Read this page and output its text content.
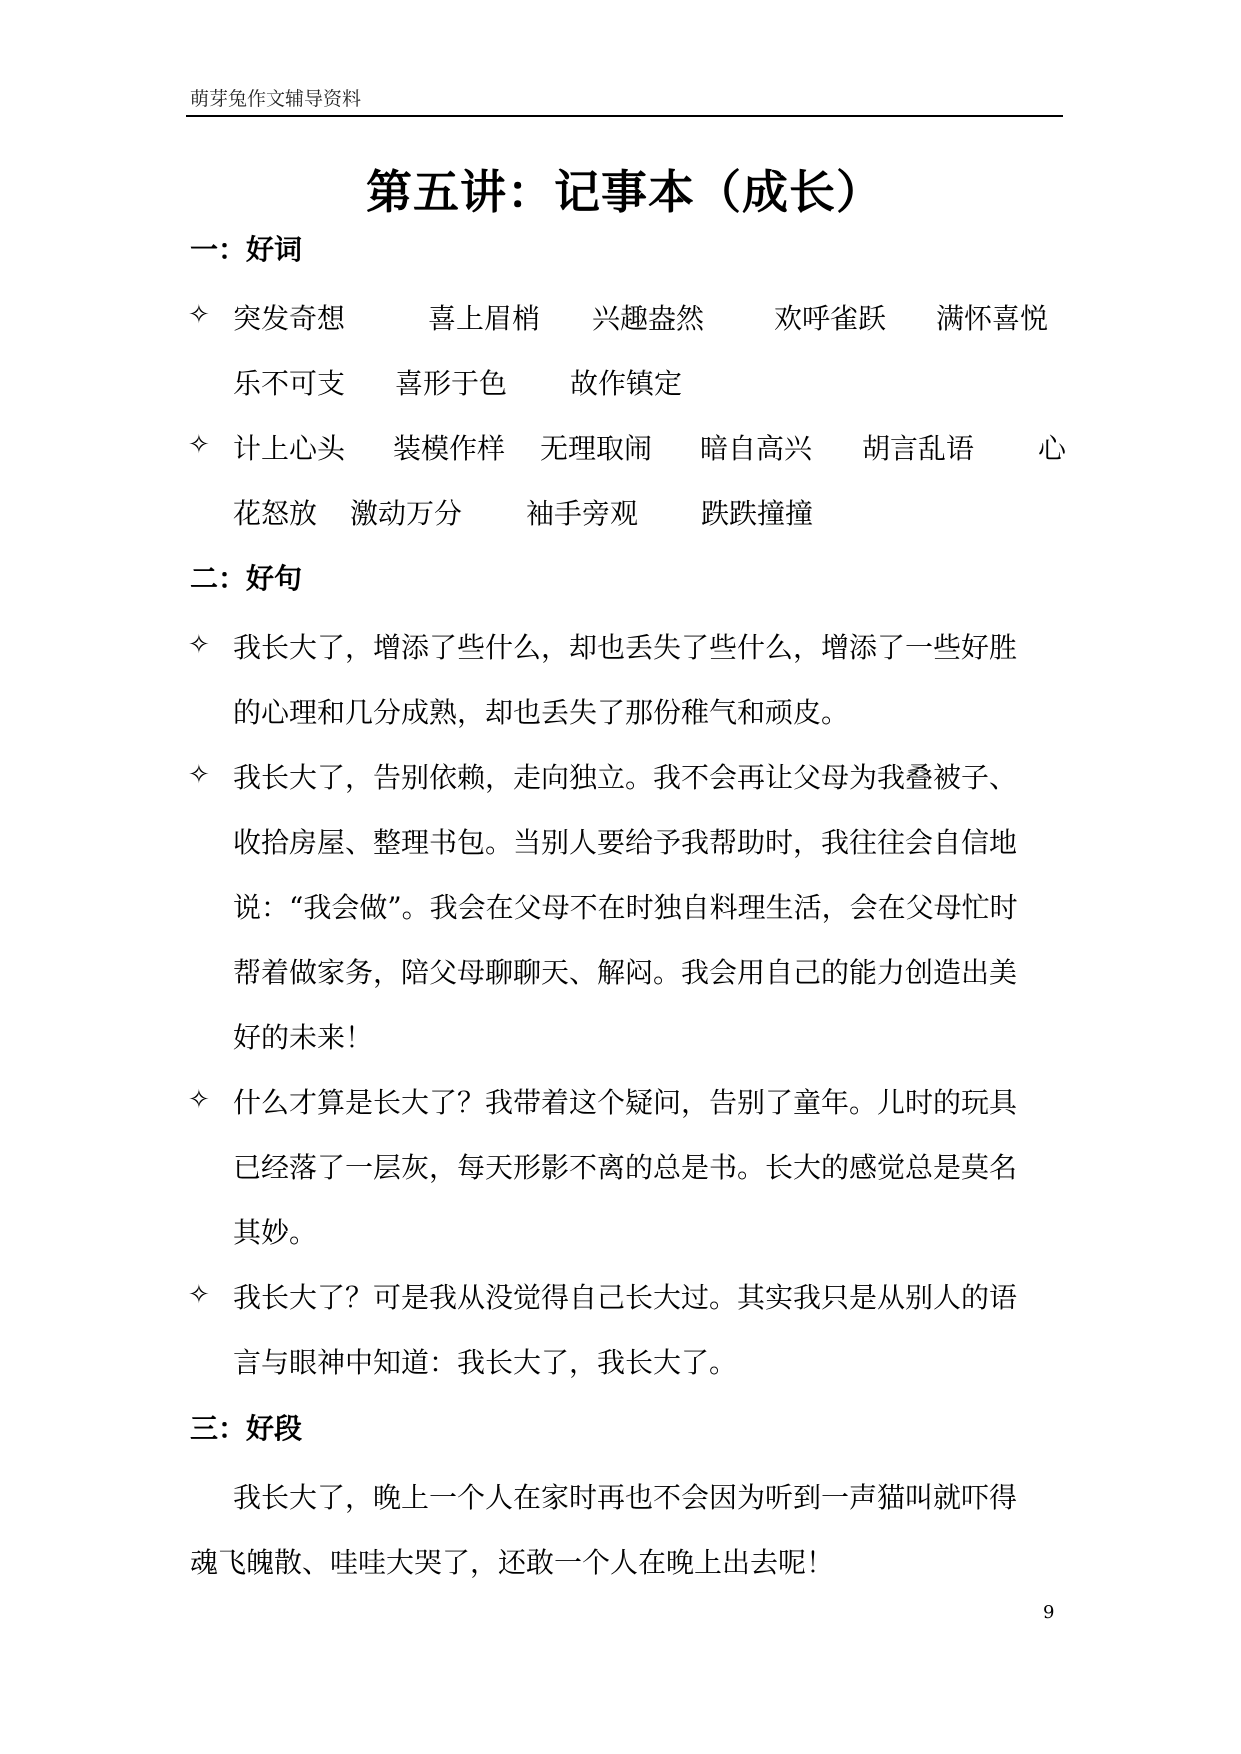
萌芽兔作文辅导资料
第五讲：记事本（成长）
一：好词
✧ 突发奇想	喜上眉梢 兴趣盎然 欢呼雀跃 满怀喜悦
乐不可支 喜形于色 故作镇定
✧ 计上心头 装模作样 无理取闹 暗自高兴 胡言乱语 心
花怒放 激动万分 袖手旁观 跌跌撞撞
二：好句
✧ 我长大了，增添了些什么，却也丢失了些什么，增添了一些好胜
的心理和几分成熟，却也丢失了那份稚气和顽皮。
✧ 我长大了，告别依赖，走向独立。我不会再让父母为我叠被子、
收拾房屋、整理书包。当别人要给予我帮助时，我往往会自信地
说：“我会做”。我会在父母不在时独自料理生活，会在父母忙时
帮着做家务，陪父母聊聊天、解闷。我会用自己的能力创造出美
好的未来！
✧ 什么才算是长大了？我带着这个疑问，告别了童年。儿时的玩具
已经落了一层灰，每天形影不离的总是书。长大的感觉总是莫名
其妙。
✧ 我长大了？可是我从没觉得自己长大过。其实我只是从别人的语
言与眼神中知道：我长大了，我长大了。
三：好段
我长大了，晚上一个人在家时再也不会因为听到一声猫叫就吓得
魂飞魄散、哇哇大哭了，还敢一个人在晚上出去呢！
9
